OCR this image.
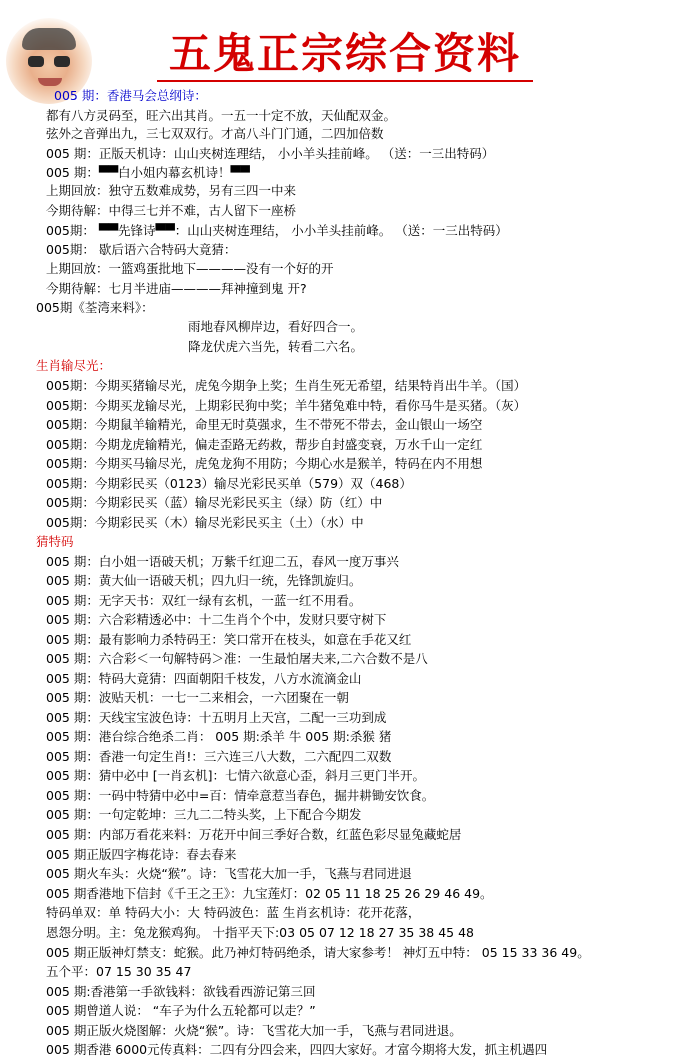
五鬼正宗综合资料
005 期：香港马会总纲诗：
都有八方灵码至，旺六出其肖。一五一十定不放，天仙配双金。
弦外之音弹出九，三七双双行。才高八斗门门通，二四加倍数
005 期：正版天机诗：山山夹树连理结， 小小羊头挂前峰。 （送：一三出特码）
005 期：▀▀白小姐内幕玄机诗！▀▀
上期回放：独守五数难成势，另有三四一中来
今期待解：中得三七并不难，古人留下一座桥
005期： ▀▀先锋诗▀▀：山山夹树连理结， 小小羊头挂前峰。 （送：一三出特码）
005期： 歇后语六合特码大竟猜：
上期回放：一篮鸡蛋批地下————没有一个好的开
今期待解：七月半进庙————拜神撞到鬼 开?
005期《荃湾来料》：
雨地春风柳岸边，看好四合一。
降龙伏虎六当先，转看二六名。
生肖输尽光：
005期：今期买猪输尽光，虎兔今期争上奖；生肖生死无希望，结果特肖出牛羊。（国）
005期：今期买龙输尽光，上期彩民狗中奖；羊牛猪兔难中特，看你马牛是买猪。（灰）
005期：今期鼠羊输精光，命里无时莫强求，生不带死不带去，金山银山一场空
005期：今期龙虎输精光，偏走歪路无药救，帮步自封盛变衰，万水千山一定红
005期：今期买马输尽光，虎兔龙狗不用防；今期心水是猴羊，特码在内不用想
005期：今期彩民买（0123）输尽光彩民买单（579）双（468）
005期：今期彩民买（蓝）输尽光彩民买主（绿）防（红）中
005期：今期彩民买（木）输尽光彩民买主（土）（水）中
猜特码
005 期：白小姐一语破天机；万紫千红迎二五，春风一度万事兴
005 期：黄大仙一语破天机；四九归一统，先锋凯旋归。
005 期：无字天书：双红一绿有玄机，一蓝一红不用看。
005 期：六合彩精透必中：十二生肖个个中，发财只要守树下
005 期：最有影响力杀特码王：笑口常开在枝头，如意在手花又红
005 期：六合彩＜一句解特码＞准：一生最怕屠夫来,二六合数不是八
005 期：特码大竟猜：四面朝阳千枝发，八方水流滴金山
005 期：波贴天机：一七一二来相会，一六团聚在一朝
005 期：天线宝宝波色诗：十五明月上天宫，二配一三功到成
005 期：港台综合绝杀二肖： 005 期:杀羊 牛 005 期:杀猴 猪
005 期：香港一句定生肖!：三六连三八大数，二六配四二双数
005 期：猜中必中 [一肖玄机]：七情六欲意心歪，斜月三更门半开。
005 期：一码中特猜中必中=百：情牵意惹当春色，掘井耕锄安饮食。
005 期：一句定乾坤：三九二二特头奖，上下配合今期发
005 期：内部万看花来料：万花开中间三季好合数，红蓝色彩尽显兔藏蛇居
005 期正版四字梅花诗：春去春来
005 期火车头：火烧“猴”。诗：飞雪花大加一手，飞燕与君同进退
005 期香港地下信封《千王之王》：九宝莲灯：02 05 11 18 25 26 29 46 49。
特码单双：单 特码大小：大 特码波色：蓝 生肖玄机诗：花开花落，
恩怨分明。主：兔龙猴鸡狗。 十指平天下:03 05 07 12 18 27 35 38 45 48
005 期正版神灯禁支：蛇猴。此乃神灯特码绝杀，请大家参考！ 神灯五中特： 05 15 33 36 49。
五个平：07 15 30 35 47
005 期:香港第一手欲钱料：欲钱看西游记第三回
005 期曾道人说： “车子为什么五轮都可以走？”
005 期正版火烧图解：火烧“猴”。诗：飞雪花大加一手，飞燕与君同进退。
005 期香港 6000元传真料：二四有分四会来，四四大家好。才富今期将大发，抓主机遇四
